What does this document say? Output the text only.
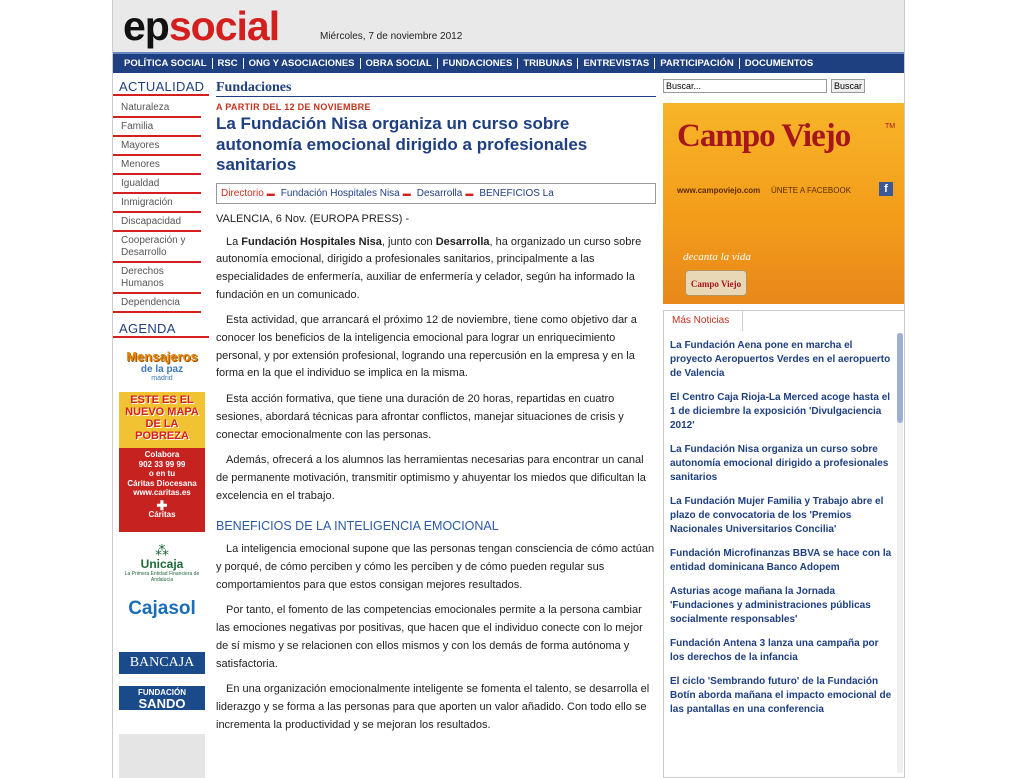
epsocial	Miércoles, 7 de noviembre 2012
POLÍTICA SOCIAL	RSC	ONG Y ASOCIACIONES	OBRA SOCIAL	FUNDACIONES	TRIBUNAS	ENTREVISTAS	PARTICIPACIÓN	DOCUMENTOS
ACTUALIDAD
Naturaleza
Familia
Mayores
Menores
Igualdad
Inmigración
Discapacidad
Cooperación y Desarrollo
Derechos Humanos
Dependencia
AGENDA
Mensajeros
de la paz
madrid
ESTE ES EL
NUEVO MAPA
DE LA
POBREZA
Colabora
902 33 99 99
o en tu
Cáritas Diocesana
www.caritas.es
✚
Cáritas
⁂
Unicaja
La Primera Entidad Financiera de Andalucía
Cajasol
BANCAJA
FUNDACIÓN
SANDO
Fundaciones
A PARTIR DEL 12 DE NOVIEMBRE
La Fundación Nisa organiza un curso sobre autonomía emocional dirigido a profesionales sanitarios
Directorio ▬ Fundación Hospitales Nisa ▬ Desarrolla ▬ BENEFICIOS La
VALENCIA, 6 Nov. (EUROPA PRESS) -

La Fundación Hospitales Nisa, junto con Desarrolla, ha organizado un curso sobre autonomía emocional, dirigido a profesionales sanitarios, principalmente a las especialidades de enfermería, auxiliar de enfermería y celador, según ha informado la fundación en un comunicado.

Esta actividad, que arrancará el próximo 12 de noviembre, tiene como objetivo dar a conocer los beneficios de la inteligencia emocional para lograr un enriquecimiento personal, y por extensión profesional, logrando una repercusión en la empresa y en la forma en la que el individuo se implica en la misma.

Esta acción formativa, que tiene una duración de 20 horas, repartidas en cuatro sesiones, abordará técnicas para afrontar conflictos, manejar situaciones de crisis y conectar emocionalmente con las personas.

Además, ofrecerá a los alumnos las herramientas necesarias para encontrar un canal de permanente motivación, transmitir optimismo y ahuyentar los miedos que dificultan la excelencia en el trabajo.

BENEFICIOS DE LA INTELIGENCIA EMOCIONAL

La inteligencia emocional supone que las personas tengan consciencia de cómo actúan y porqué, de cómo perciben y cómo les perciben y de cómo pueden regular sus comportamientos para que estos consigan mejores resultados.

Por tanto, el fomento de las competencias emocionales permite a la persona cambiar las emociones negativas por positivas, que hacen que el individuo conecte con lo mejor de sí mismo y se relacionen con ellos mismos y con los demás de forma autónoma y satisfactoria.

En una organización emocionalmente inteligente se fomenta el talento, se desarrolla el liderazgo y se forma a las personas para que aporten un valor añadido. Con todo ello se incrementa la productividad y se mejoran los resultados.

Buscar...
Buscar
Campo Viejo	TM
www.campoviejo.com ÚNETE A FACEBOOK	f
decanta la vida
Campo Viejo
Más Noticias
La Fundación Aena pone en marcha el proyecto Aeropuertos Verdes en el aeropuerto de Valencia
El Centro Caja Rioja-La Merced acoge hasta el 1 de diciembre la exposición 'Divulgaciencia 2012'
La Fundación Nisa organiza un curso sobre autonomía emocional dirigido a profesionales sanitarios
La Fundación Mujer Familia y Trabajo abre el plazo de convocatoria de los 'Premios Nacionales Universitarios Concilia'
Fundación Microfinanzas BBVA se hace con la entidad dominicana Banco Adopem
Asturias acoge mañana la Jornada 'Fundaciones y administraciones públicas socialmente responsables'
Fundación Antena 3 lanza una campaña por los derechos de la infancia
El ciclo 'Sembrando futuro' de la Fundación Botín aborda mañana el impacto emocional de las pantallas en una conferencia
